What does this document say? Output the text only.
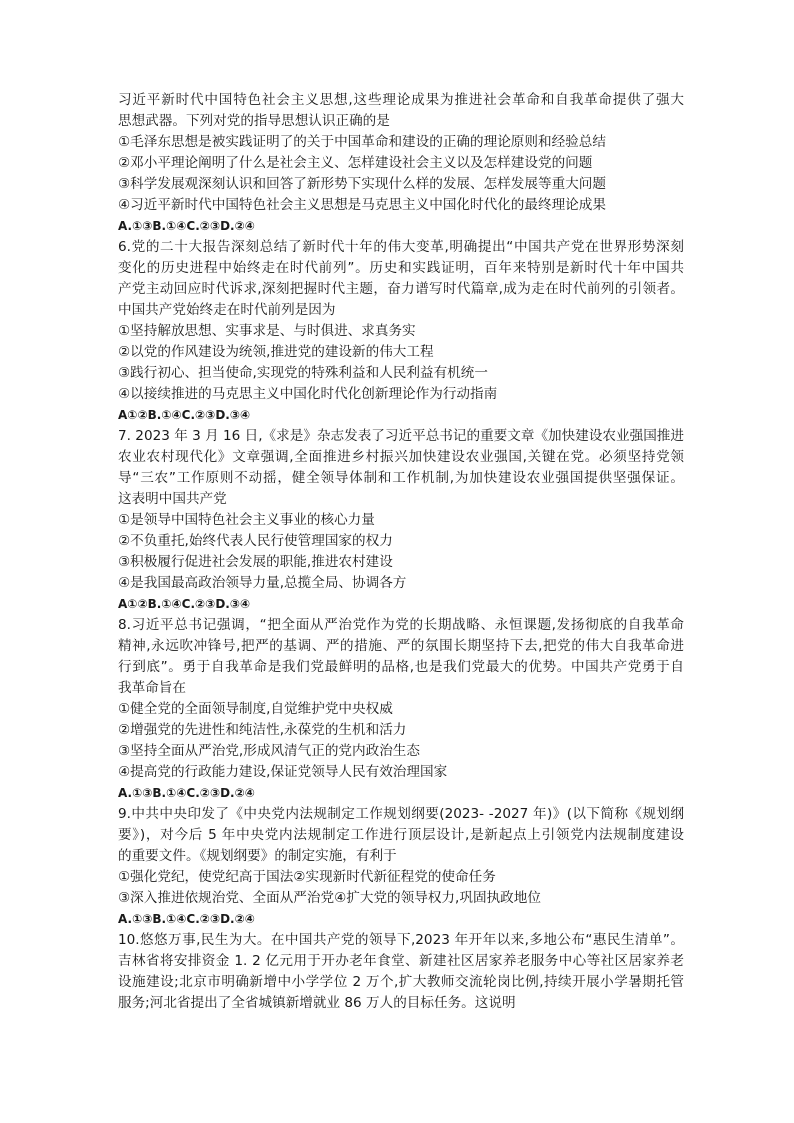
习近平新时代中国特色社会主义思想,这些理论成果为推进社会革命和自我革命提供了强大
思想武器。下列对党的指导思想认识正确的是
①毛泽东思想是被实践证明了的关于中国革命和建设的正确的理论原则和经验总结
②邓小平理论阐明了什么是社会主义、怎样建设社会主义以及怎样建设党的问题
③科学发展观深刻认识和回答了新形势下实现什么样的发展、怎样发展等重大问题
④习近平新时代中国特色社会主义思想是马克思主义中国化时代化的最终理论成果
A.①③B.①④C.②③D.②④
6.党的二十大报告深刻总结了新时代十年的伟大变革,明确提出“中国共产党在世界形势深刻
变化的历史进程中始终走在时代前列”。历史和实践证明，百年来特别是新时代十年中国共
产党主动回应时代诉求,深刻把握时代主题，奋力谱写时代篇章,成为走在时代前列的引领者。
中国共产党始终走在时代前列是因为
①坚持解放思想、实事求是、与时俱进、求真务实
②以党的作风建设为统领,推进党的建设新的伟大工程
③践行初心、担当使命,实现党的特殊利益和人民利益有机统一
④以接续推进的马克思主义中国化时代化创新理论作为行动指南
A①②B.①④C.②③D.③④
7. 2023 年 3 月 16 日,《求是》杂志发表了习近平总书记的重要文章《加快建设农业强国推进
农业农村现代化》文章强调,全面推进乡村振兴加快建设农业强国,关键在党。必须坚持党领
导“三农”工作原则不动摇，健全领导体制和工作机制,为加快建设农业强国提供坚强保证。
这表明中国共产党
①是领导中国特色社会主义事业的核心力量
②不负重托,始终代表人民行使管理国家的权力
③积极履行促进社会发展的职能,推进农村建设
④是我国最高政治领导力量,总揽全局、协调各方
A①②B.①④C.②③D.③④
8.习近平总书记强调，“把全面从严治党作为党的长期战略、永恒课题,发扬彻底的自我革命
精神,永远吹冲锋号,把严的基调、严的措施、严的氛围长期坚持下去,把党的伟大自我革命进
行到底”。勇于自我革命是我们党最鲜明的品格,也是我们党最大的优势。中国共产党勇于自
我革命旨在
①健全党的全面领导制度,自觉维护党中央权威
②增强党的先进性和纯洁性,永葆党的生机和活力
③坚持全面从严治党,形成风清气正的党内政治生态
④提高党的行政能力建设,保证党领导人民有效治理国家
A.①③B.①④C.②③D.②④
9.中共中央印发了《中央党内法规制定工作规划纲要(2023- -2027 年)》(以下简称《规划纲
要》)，对今后 5 年中央党内法规制定工作进行顶层设计,是新起点上引领党内法规制度建设
的重要文件。《规划纲要》的制定实施，有利于
①强化党纪，使党纪高于国法②实现新时代新征程党的使命任务
③深入推进依规治党、全面从严治党④扩大党的领导权力,巩固执政地位
A.①③B.①④C.②③D.②④
10.悠悠万事,民生为大。在中国共产党的领导下,2023 年开年以来,多地公布“惠民生清单”。
吉林省将安排资金 1. 2 亿元用于开办老年食堂、新建社区居家养老服务中心等社区居家养老
设施建设;北京市明确新增中小学学位 2 万个,扩大教师交流轮岗比例,持续开展小学暑期托管
服务;河北省提出了全省城镇新增就业 86 万人的目标任务。这说明
